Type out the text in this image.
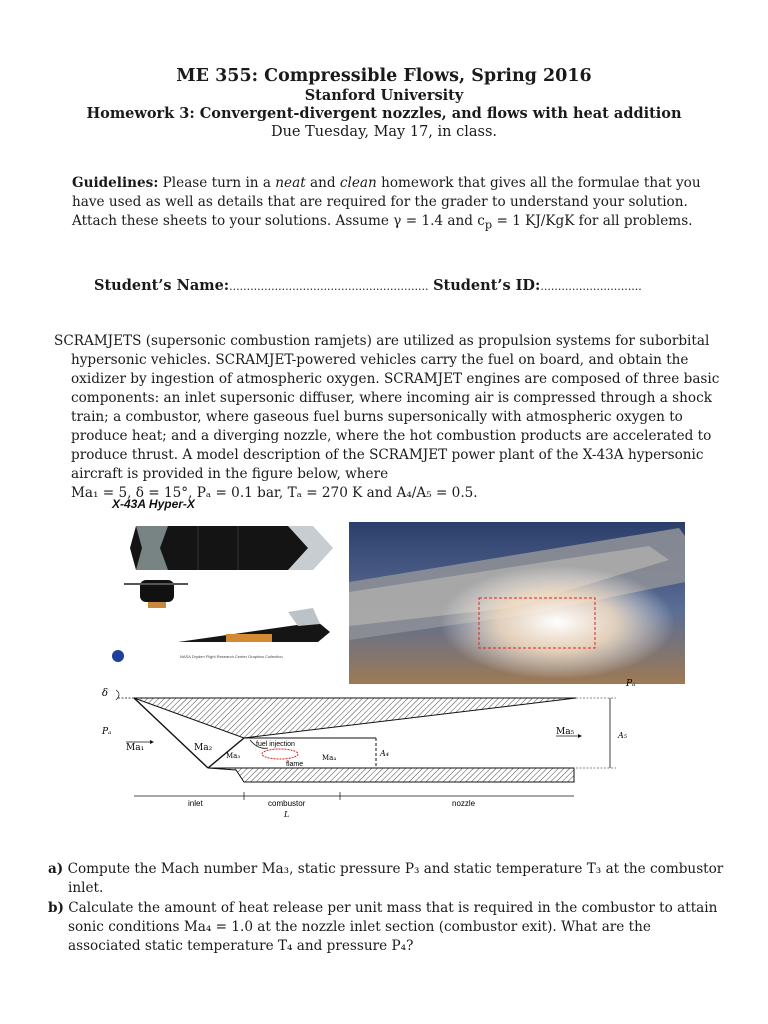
ME 355: Compressible Flows, Spring 2016
Stanford University
Homework 3: Convergent-divergent nozzles, and flows with heat addition
Due Tuesday, May 17, in class.
Guidelines: Please turn in a neat and clean homework that gives all the formulae that you have used as well as details that are required for the grader to understand your solution. Attach these sheets to your solutions. Assume γ = 1.4 and $c_p = 1$ KJ/KgK for all problems.
Student’s Name:......................................................... Student’s ID:.............................
SCRAMJETS (supersonic combustion ramjets) are utilized as propulsion systems for suborbital hypersonic vehicles. SCRAMJET-powered vehicles carry the fuel on board, and obtain the oxidizer by ingestion of atmospheric oxygen. SCRAMJET engines are composed of three basic components: an inlet supersonic diffuser, where incoming air is compressed through a shock train; a combustor, where gaseous fuel burns supersonically with atmospheric oxygen to produce heat; and a diverging nozzle, where the hot combustion products are accelerated to produce thrust. A model description of the SCRAMJET power plant of the X-43A hypersonic aircraft is provided in the figure below, where
Ma₁ = 5, δ = 15°, Pₐ = 0.1 bar, Tₐ = 270 K and A₄/A₅ = 0.5.
X-43A Hyper-X
NASA Dryden Flight Research Center Graphics Collection
δ
Pₐ
Pₐ
Ma₁	Ma₂
Ma₃	Ma₄
Ma₅
fuel injection
flame
A₄
A₅
inlet	combustor
L
nozzle
a) Compute the Mach number Ma₃, static pressure P₃ and static temperature T₃ at the combustor inlet.
b) Calculate the amount of heat release per unit mass that is required in the combustor to attain sonic conditions Ma₄ = 1.0 at the nozzle inlet section (combustor exit). What are the associated static temperature T₄ and pressure P₄?
